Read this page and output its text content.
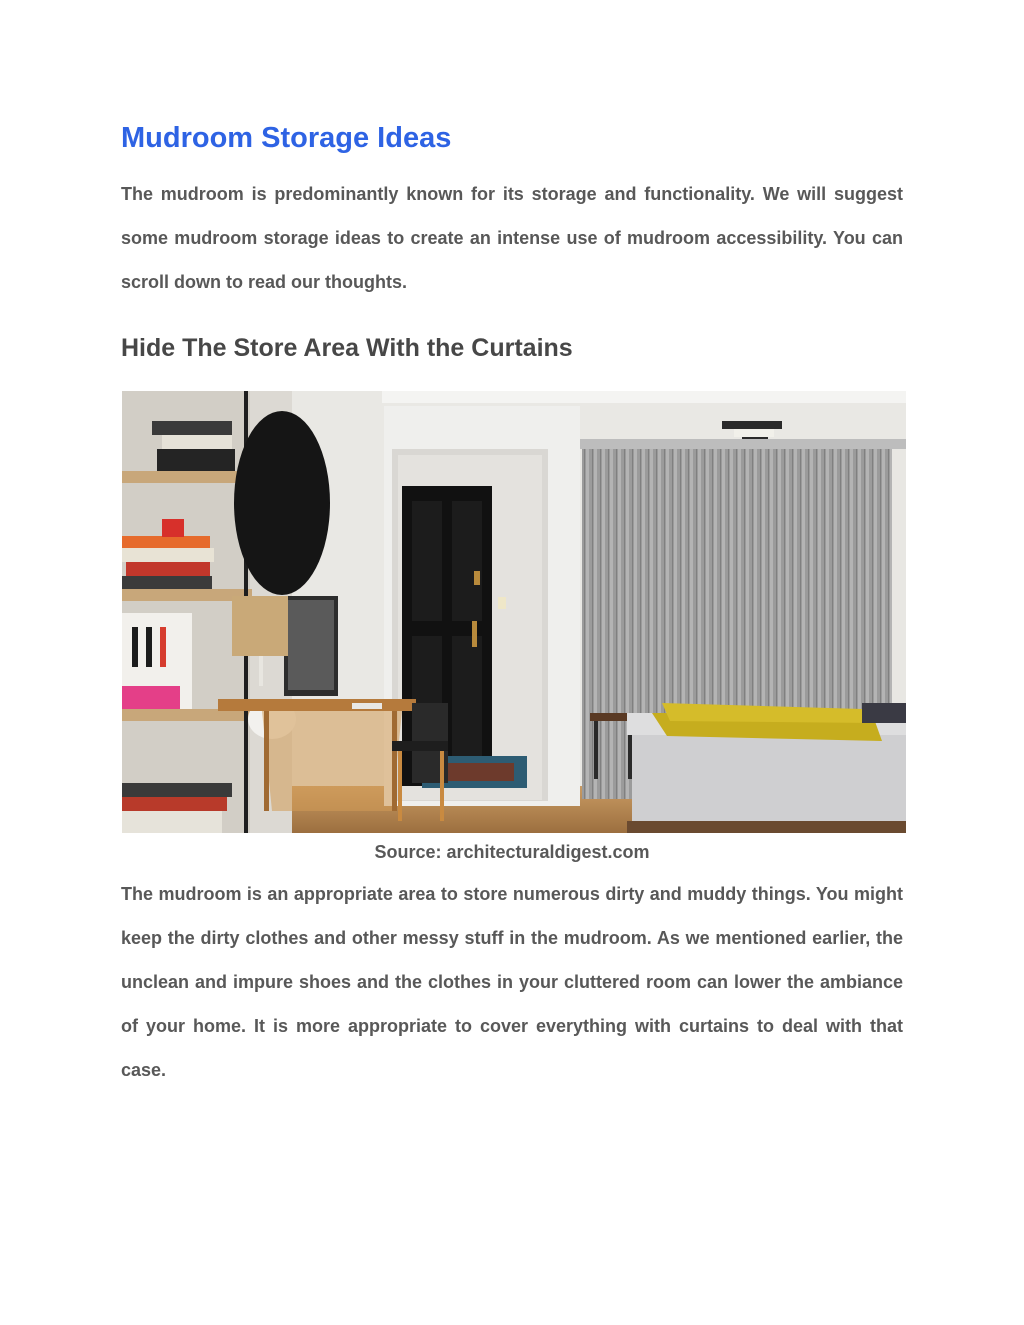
Mudroom Storage Ideas

The mudroom is predominantly known for its storage and functionality. We will suggest some mudroom storage ideas to create an intense use of mudroom accessibility. You can scroll down to read our thoughts.

Hide The Store Area With the Curtains

Source: architecturaldigest.com

The mudroom is an appropriate area to store numerous dirty and muddy things. You might keep the dirty clothes and other messy stuff in the mudroom. As we mentioned earlier, the unclean and impure shoes and the clothes in your cluttered room can lower the ambiance of your home. It is more appropriate to cover everything with curtains to deal with that case.
